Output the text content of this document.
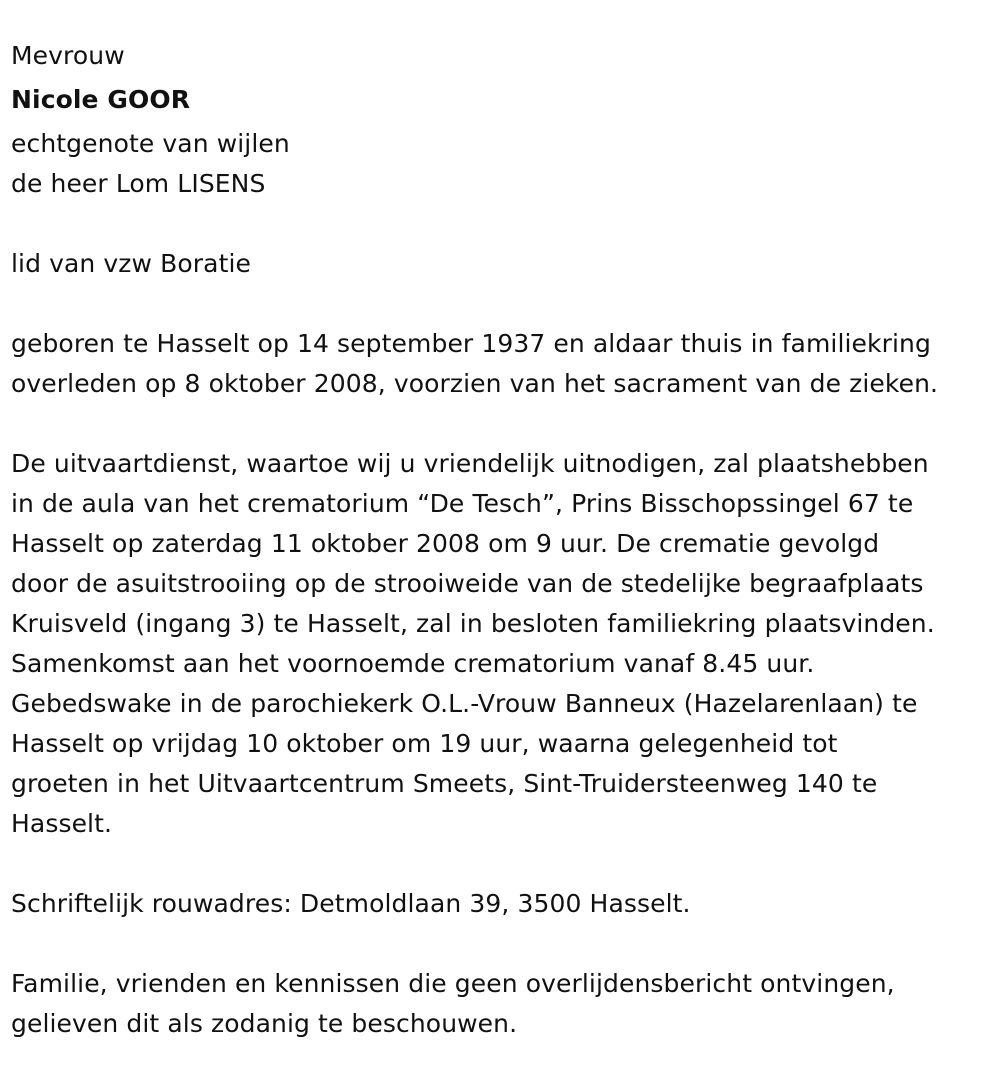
Mevrouw
Nicole GOOR
echtgenote van wijlen
de heer Lom LISENS
lid van vzw Boratie
geboren te Hasselt op 14 september 1937 en aldaar thuis in familiekring
overleden op 8 oktober 2008, voorzien van het sacrament van de zieken.
De uitvaartdienst, waartoe wij u vriendelijk uitnodigen, zal plaatshebben
in de aula van het crematorium “De Tesch”, Prins Bisschopssingel 67 te
Hasselt op zaterdag 11 oktober 2008 om 9 uur. De crematie gevolgd
door de asuitstrooiing op de strooiweide van de stedelijke begraafplaats
Kruisveld (ingang 3) te Hasselt, zal in besloten familiekring plaatsvinden.
Samenkomst aan het voornoemde crematorium vanaf 8.45 uur.
Gebedswake in de parochiekerk O.L.-Vrouw Banneux (Hazelarenlaan) te
Hasselt op vrijdag 10 oktober om 19 uur, waarna gelegenheid tot
groeten in het Uitvaartcentrum Smeets, Sint-Truidersteenweg 140 te
Hasselt.
Schriftelijk rouwadres: Detmoldlaan 39, 3500 Hasselt.
Familie, vrienden en kennissen die geen overlijdensbericht ontvingen,
gelieven dit als zodanig te beschouwen.
